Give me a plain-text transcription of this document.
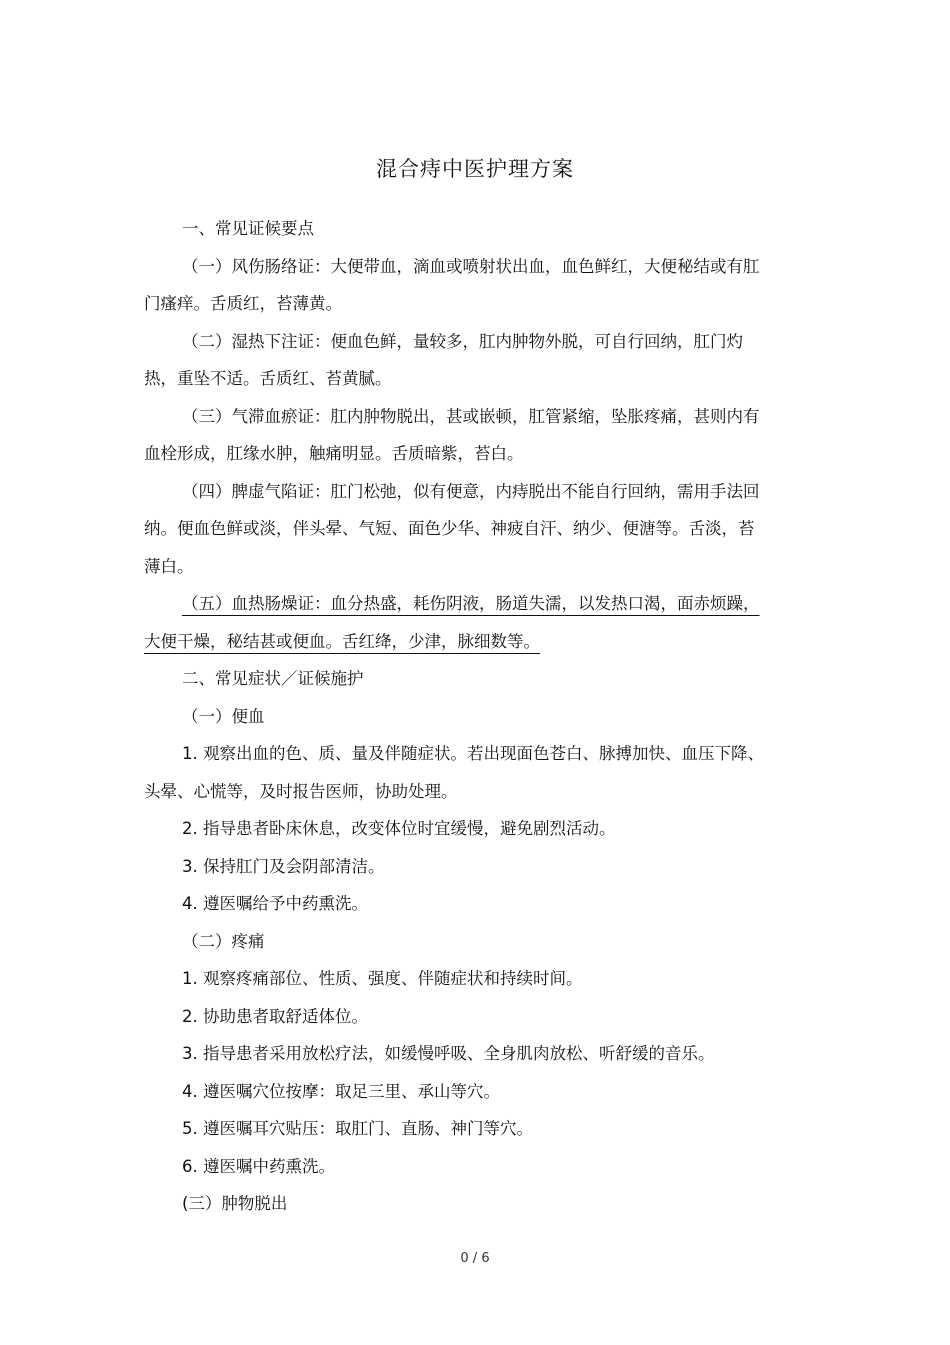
混合痔中医护理方案

一、常见证候要点

（一）风伤肠络证：大便带血，滴血或喷射状出血，血色鲜红，大便秘结或有肛门瘙痒。舌质红，苔薄黄。

（二）湿热下注证：便血色鲜，量较多，肛内肿物外脱，可自行回纳，肛门灼热，重坠不适。舌质红、苔黄腻。

（三）气滞血瘀证：肛内肿物脱出，甚或嵌顿，肛管紧缩，坠胀疼痛，甚则内有血栓形成，肛缘水肿，触痛明显。舌质暗紫，苔白。

（四）脾虚气陷证：肛门松弛，似有便意，内痔脱出不能自行回纳，需用手法回纳。便血色鲜或淡，伴头晕、气短、面色少华、神疲自汗、纳少、便溏等。舌淡，苔薄白。

（五）血热肠燥证：血分热盛，耗伤阴液，肠道失濡，以发热口渴，面赤烦躁，大便干燥，秘结甚或便血。舌红绛，少津，脉细数等。

二、常见症状／证候施护

（一）便血

1. 观察出血的色、质、量及伴随症状。若出现面色苍白、脉搏加快、血压下降、头晕、心慌等，及时报告医师，协助处理。

2. 指导患者卧床休息，改变体位时宜缓慢，避免剧烈活动。

3. 保持肛门及会阴部清洁。

4. 遵医嘱给予中药熏洗。

（二）疼痛

1. 观察疼痛部位、性质、强度、伴随症状和持续时间。

2. 协助患者取舒适体位。

3. 指导患者采用放松疗法，如缓慢呼吸、全身肌肉放松、听舒缓的音乐。

4. 遵医嘱穴位按摩：取足三里、承山等穴。

5. 遵医嘱耳穴贴压：取肛门、直肠、神门等穴。

6. 遵医嘱中药熏洗。

(三）肿物脱出

0 / 6
